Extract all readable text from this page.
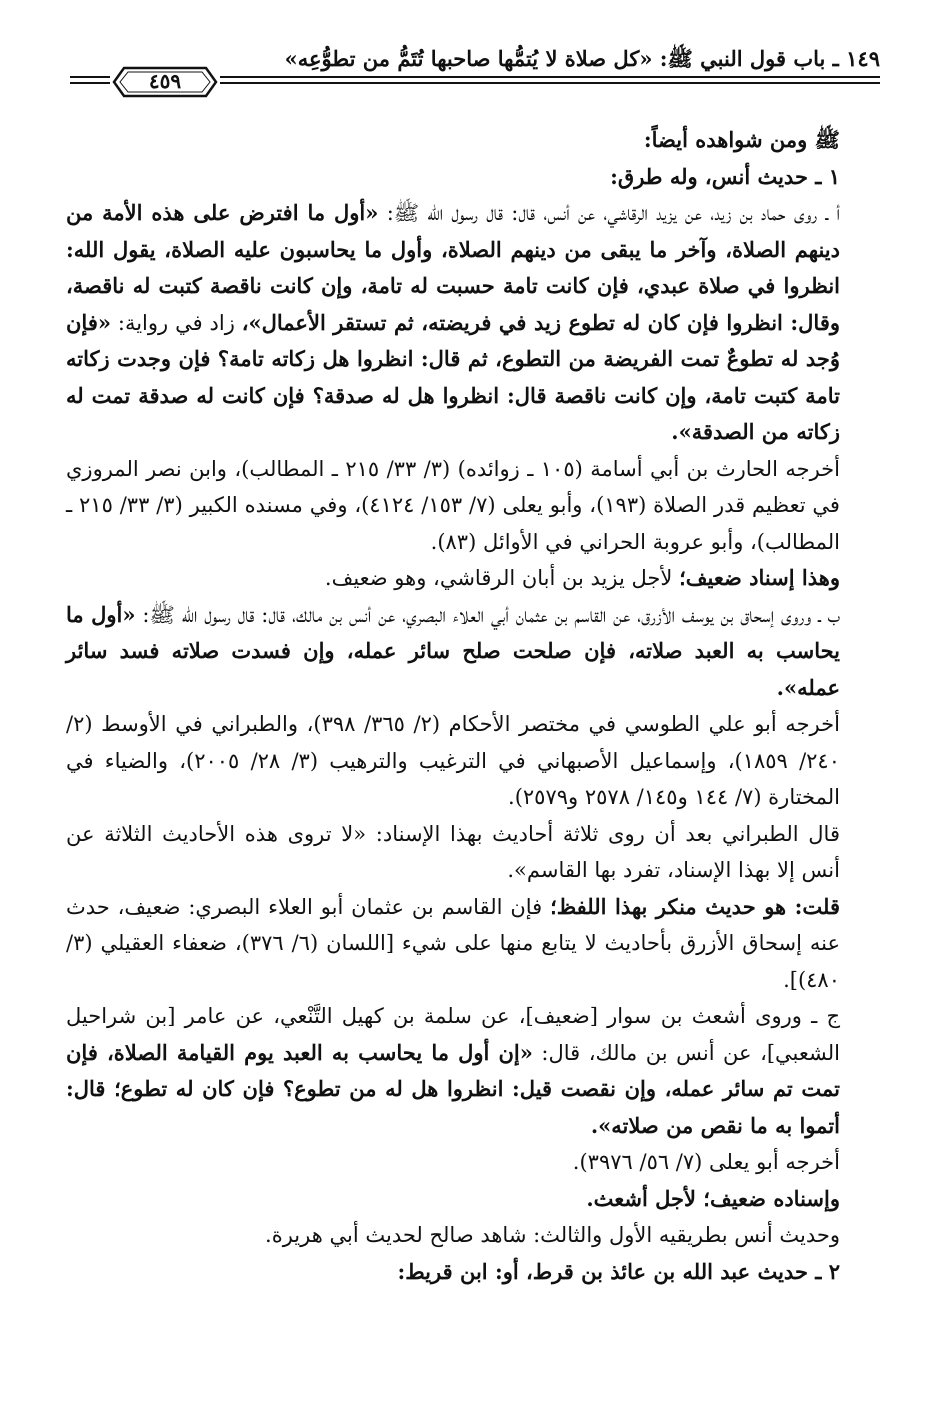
١٤٩ ـ باب قول النبي ﷺ: «كل صلاة لا يُتمُّها صاحبها تُتَمُّ من تطوُّعِه»
٤٥٩

ﷺ ومن شواهده أيضاً:

١ ـ حديث أنس، وله طرق:

أ ـ روى حماد بن زيد، عن يزيد الرقاشي، عن أنس، قال: قال رسول الله ﷺ: «أول ما افترض على هذه الأمة من دينهم الصلاة، وآخر ما يبقى من دينهم الصلاة، وأول ما يحاسبون عليه الصلاة، يقول الله: انظروا في صلاة عبدي، فإن كانت تامة حسبت له تامة، وإن كانت ناقصة كتبت له ناقصة، وقال: انظروا فإن كان له تطوع زيد في فريضته، ثم تستقر الأعمال»، زاد في رواية: «فإن وُجد له تطوعٌ تمت الفريضة من التطوع، ثم قال: انظروا هل زكاته تامة؟ فإن وجدت زكاته تامة كتبت تامة، وإن كانت ناقصة قال: انظروا هل له صدقة؟ فإن كانت له صدقة تمت له زكاته من الصدقة».

أخرجه الحارث بن أبي أسامة (١٠٥ ـ زوائده) (٣/ ٣٣/ ٢١٥ ـ المطالب)، وابن نصر المروزي في تعظيم قدر الصلاة (١٩٣)، وأبو يعلى (٧/ ١٥٣/ ٤١٢٤)، وفي مسنده الكبير (٣/ ٣٣/ ٢١٥ ـ المطالب)، وأبو عروبة الحراني في الأوائل (٨٣).

وهذا إسناد ضعيف؛ لأجل يزيد بن أبان الرقاشي، وهو ضعيف.

ب ـ وروى إسحاق بن يوسف الأزرق، عن القاسم بن عثمان أبي العلاء البصري، عن أنس بن مالك، قال: قال رسول الله ﷺ: «أول ما يحاسب به العبد صلاته، فإن صلحت صلح سائر عمله، وإن فسدت صلاته فسد سائر عمله».

أخرجه أبو علي الطوسي في مختصر الأحكام (٢/ ٣٦٥/ ٣٩٨)، والطبراني في الأوسط (٢/ ٢٤٠/ ١٨٥٩)، وإسماعيل الأصبهاني في الترغيب والترهيب (٣/ ٢٨/ ٢٠٠٥)، والضياء في المختارة (٧/ ١٤٤ و١٤٥/ ٢٥٧٨ و٢٥٧٩).

قال الطبراني بعد أن روى ثلاثة أحاديث بهذا الإسناد: «لا تروى هذه الأحاديث الثلاثة عن أنس إلا بهذا الإسناد، تفرد بها القاسم».

قلت: هو حديث منكر بهذا اللفظ؛ فإن القاسم بن عثمان أبو العلاء البصري: ضعيف، حدث عنه إسحاق الأزرق بأحاديث لا يتابع منها على شيء [اللسان (٦/ ٣٧٦)، ضعفاء العقيلي (٣/ ٤٨٠)].

ج ـ وروى أشعث بن سوار [ضعيف]، عن سلمة بن كهيل التَّنْعي، عن عامر [بن شراحيل الشعبي]، عن أنس بن مالك، قال: «إن أول ما يحاسب به العبد يوم القيامة الصلاة، فإن تمت تم سائر عمله، وإن نقصت قيل: انظروا هل له من تطوع؟ فإن كان له تطوع؛ قال: أتموا به ما نقص من صلاته».

أخرجه أبو يعلى (٧/ ٥٦/ ٣٩٧٦).

وإسناده ضعيف؛ لأجل أشعث.

وحديث أنس بطريقيه الأول والثالث: شاهد صالح لحديث أبي هريرة.

٢ ـ حديث عبد الله بن عائذ بن قرط، أو: ابن قريط:
